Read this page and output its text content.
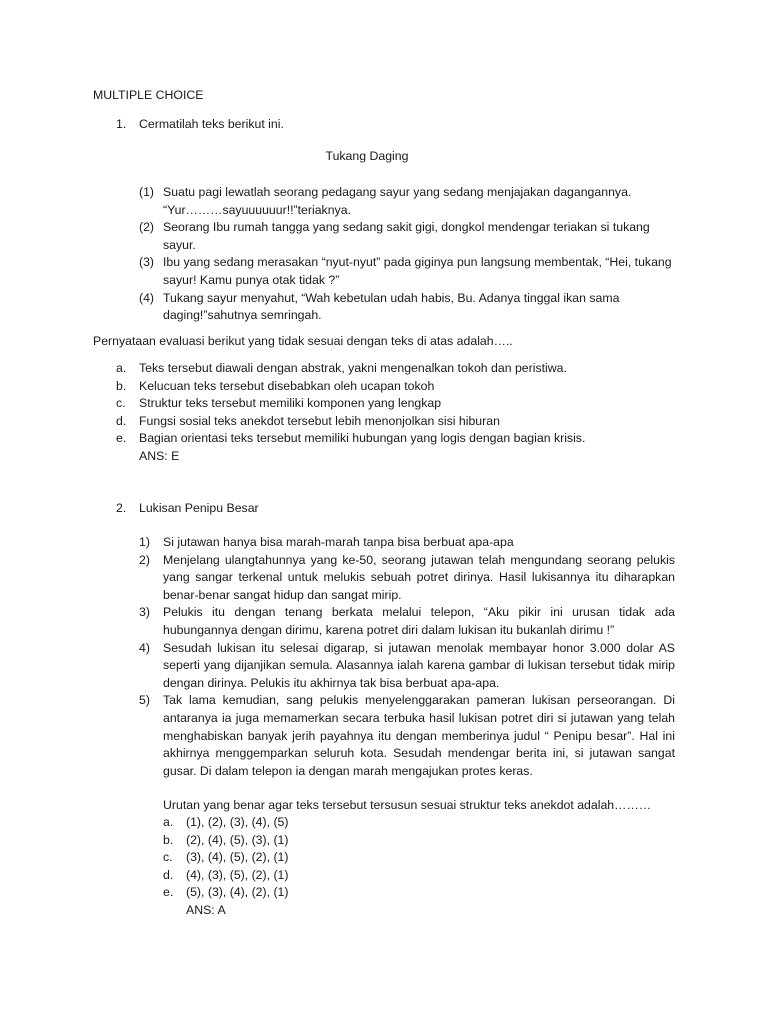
MULTIPLE CHOICE
1. Cermatilah teks berikut ini.
Tukang Daging
(1) Suatu pagi lewatlah seorang pedagang sayur yang sedang menjajakan dagangannya. “Yur………sayuuuuuur!!”teriaknya.
(2) Seorang Ibu rumah tangga yang sedang sakit gigi, dongkol mendengar teriakan si tukang sayur.
(3) Ibu yang sedang merasakan “nyut-nyut” pada giginya pun langsung membentak, “Hei, tukang sayur! Kamu punya otak tidak ?”
(4) Tukang sayur menyahut, “Wah kebetulan udah habis, Bu. Adanya tinggal ikan sama daging!”sahutnya semringah.
Pernyataan evaluasi berikut yang tidak sesuai dengan teks di atas adalah…..
a. Teks tersebut diawali dengan abstrak, yakni mengenalkan tokoh dan peristiwa.
b. Kelucuan teks tersebut disebabkan oleh ucapan tokoh
c. Struktur teks tersebut memiliki komponen yang lengkap
d. Fungsi sosial teks anekdot tersebut lebih menonjolkan sisi hiburan
e. Bagian orientasi teks tersebut memiliki hubungan yang logis dengan bagian krisis.
ANS: E
2. Lukisan Penipu Besar
1) Si jutawan hanya bisa marah-marah tanpa bisa berbuat apa-apa
2) Menjelang ulangtahunnya yang ke-50, seorang jutawan telah mengundang seorang pelukis yang sangar terkenal untuk melukis sebuah potret dirinya. Hasil lukisannya itu diharapkan benar-benar sangat hidup dan sangat mirip.
3) Pelukis itu dengan tenang berkata melalui telepon, “Aku pikir ini urusan tidak ada hubungannya dengan dirimu, karena potret diri dalam lukisan itu bukanlah dirimu !”
4) Sesudah lukisan itu selesai digarap, si jutawan menolak membayar honor 3.000 dolar AS seperti yang dijanjikan semula. Alasannya ialah karena gambar di lukisan tersebut tidak mirip dengan dirinya. Pelukis itu akhirnya tak bisa berbuat apa-apa.
5) Tak lama kemudian, sang pelukis menyelenggarakan pameran lukisan perseorangan. Di antaranya ia juga memamerkan secara terbuka hasil lukisan potret diri si jutawan yang telah menghabiskan banyak jerih payahnya itu dengan memberinya judul “ Penipu besar”. Hal ini akhirnya menggemparkan seluruh kota. Sesudah mendengar berita ini, si jutawan sangat gusar. Di dalam telepon ia dengan marah mengajukan protes keras.
Urutan yang benar agar teks tersebut tersusun sesuai struktur teks anekdot adalah………
a. (1), (2), (3), (4), (5)
b. (2), (4), (5), (3), (1)
c. (3), (4), (5), (2), (1)
d. (4), (3), (5), (2), (1)
e. (5), (3), (4), (2), (1)
ANS: A
